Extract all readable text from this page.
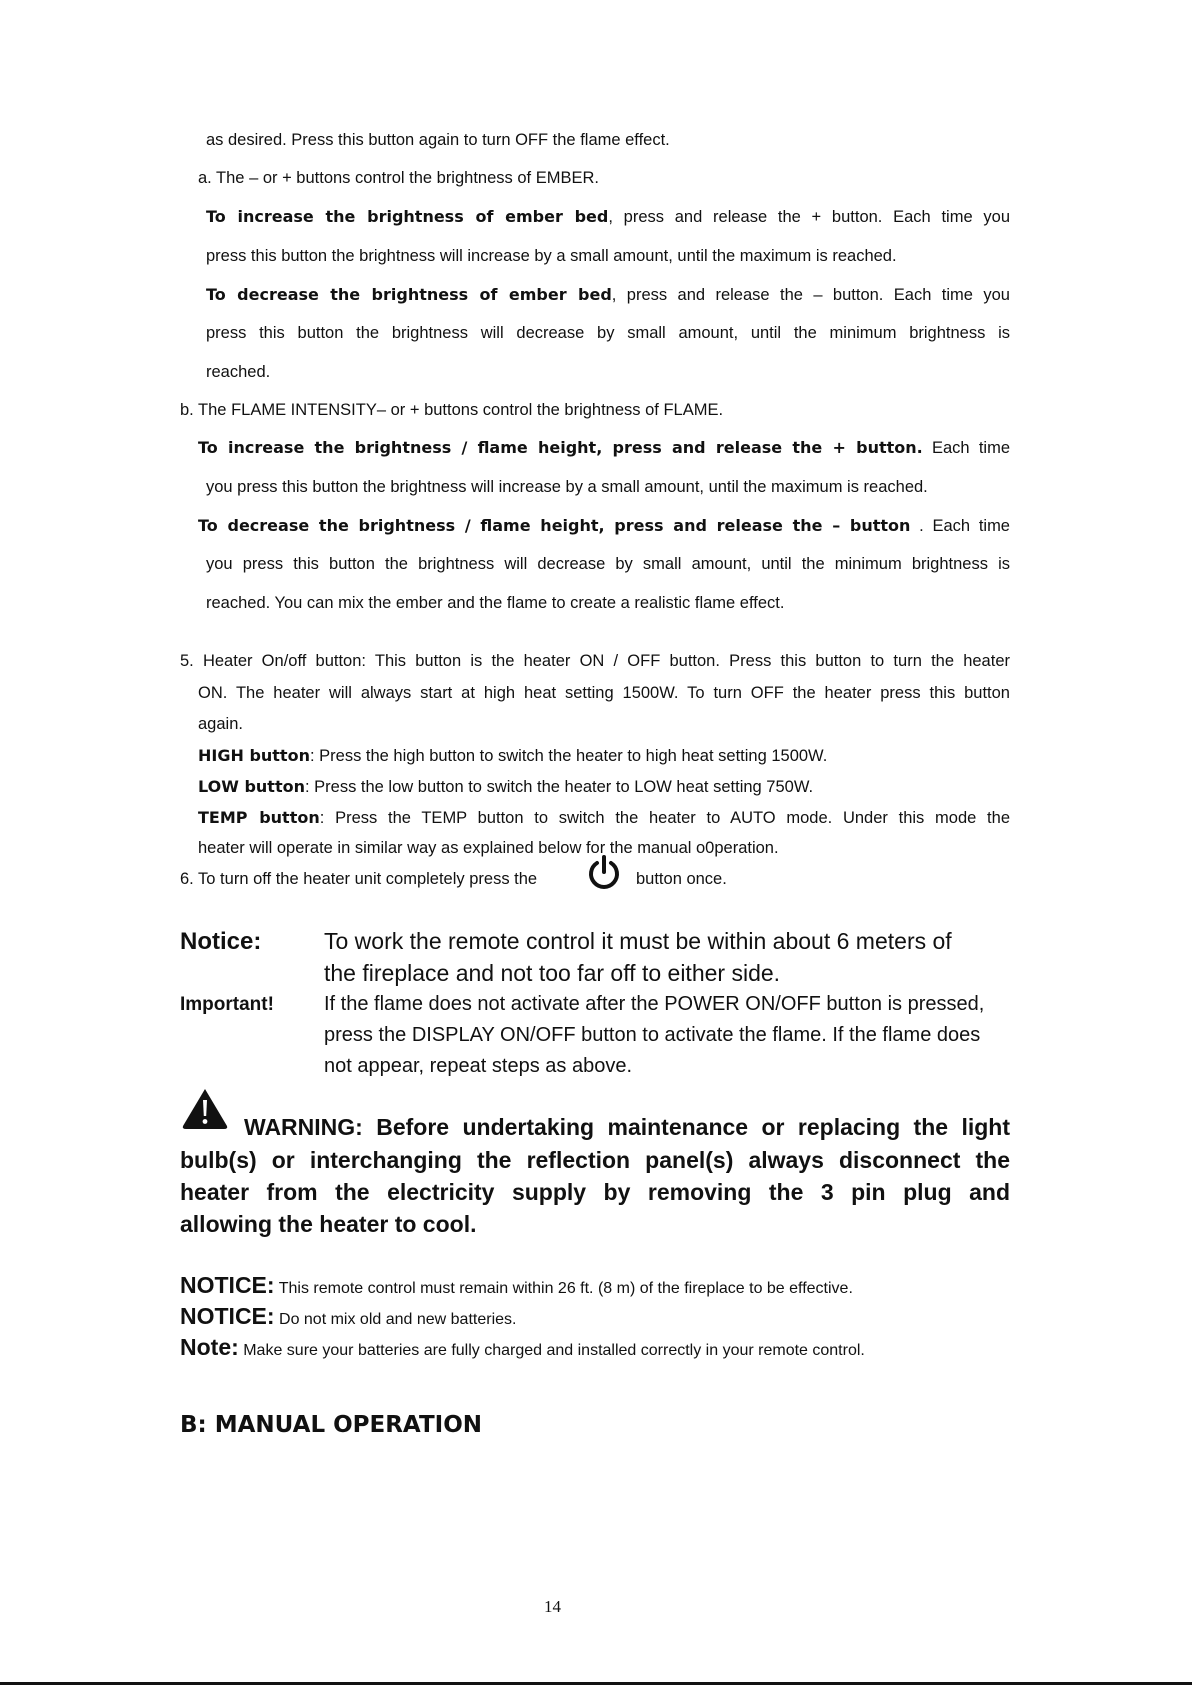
as desired. Press this button again to turn OFF the flame effect.
a. The – or + buttons control the brightness of EMBER.
To increase the brightness of ember bed, press and release the + button. Each time you
press this button the brightness will increase by a small amount, until the maximum is reached.
To decrease the brightness of ember bed, press and release the – button. Each time you
press this button the brightness will decrease by small amount, until the minimum brightness is
reached.
b. The FLAME INTENSITY– or + buttons control the brightness of FLAME.
To increase the brightness / flame height, press and release the + button. Each time
you press this button the brightness will increase by a small amount, until the maximum is reached.
To decrease the brightness / flame height, press and release the – button . Each time
you press this button the brightness will decrease by small amount, until the minimum brightness is
reached. You can mix the ember and the flame to create a realistic flame effect.
5. Heater On/off button: This button is the heater ON / OFF button. Press this button to turn the heater
ON. The heater will always start at high heat setting 1500W. To turn OFF the heater press this button
again.
HIGH button: Press the high button to switch the heater to high heat setting 1500W.
LOW button: Press the low button to switch the heater to LOW heat setting 750W.
TEMP button: Press the TEMP button to switch the heater to AUTO mode. Under this mode the
heater will operate in similar way as explained below for the manual o0peration.
6. To turn off the heater unit completely press the	button once.
Notice:	To work the remote control it must be within about 6 meters of
the fireplace and not too far off to either side.
Important!	If the flame does not activate after the POWER ON/OFF button is pressed,
press the DISPLAY ON/OFF button to activate the flame. If the flame does
not appear, repeat steps as above.
WARNING: Before undertaking maintenance or replacing the light
bulb(s) or interchanging the reflection panel(s) always disconnect the
heater from the electricity supply by removing the 3 pin plug and
allowing the heater to cool.
NOTICE: This remote control must remain within 26 ft. (8 m) of the fireplace to be effective.
NOTICE: Do not mix old and new batteries.
Note: Make sure your batteries are fully charged and installed correctly in your remote control.
B: MANUAL OPERATION
14
